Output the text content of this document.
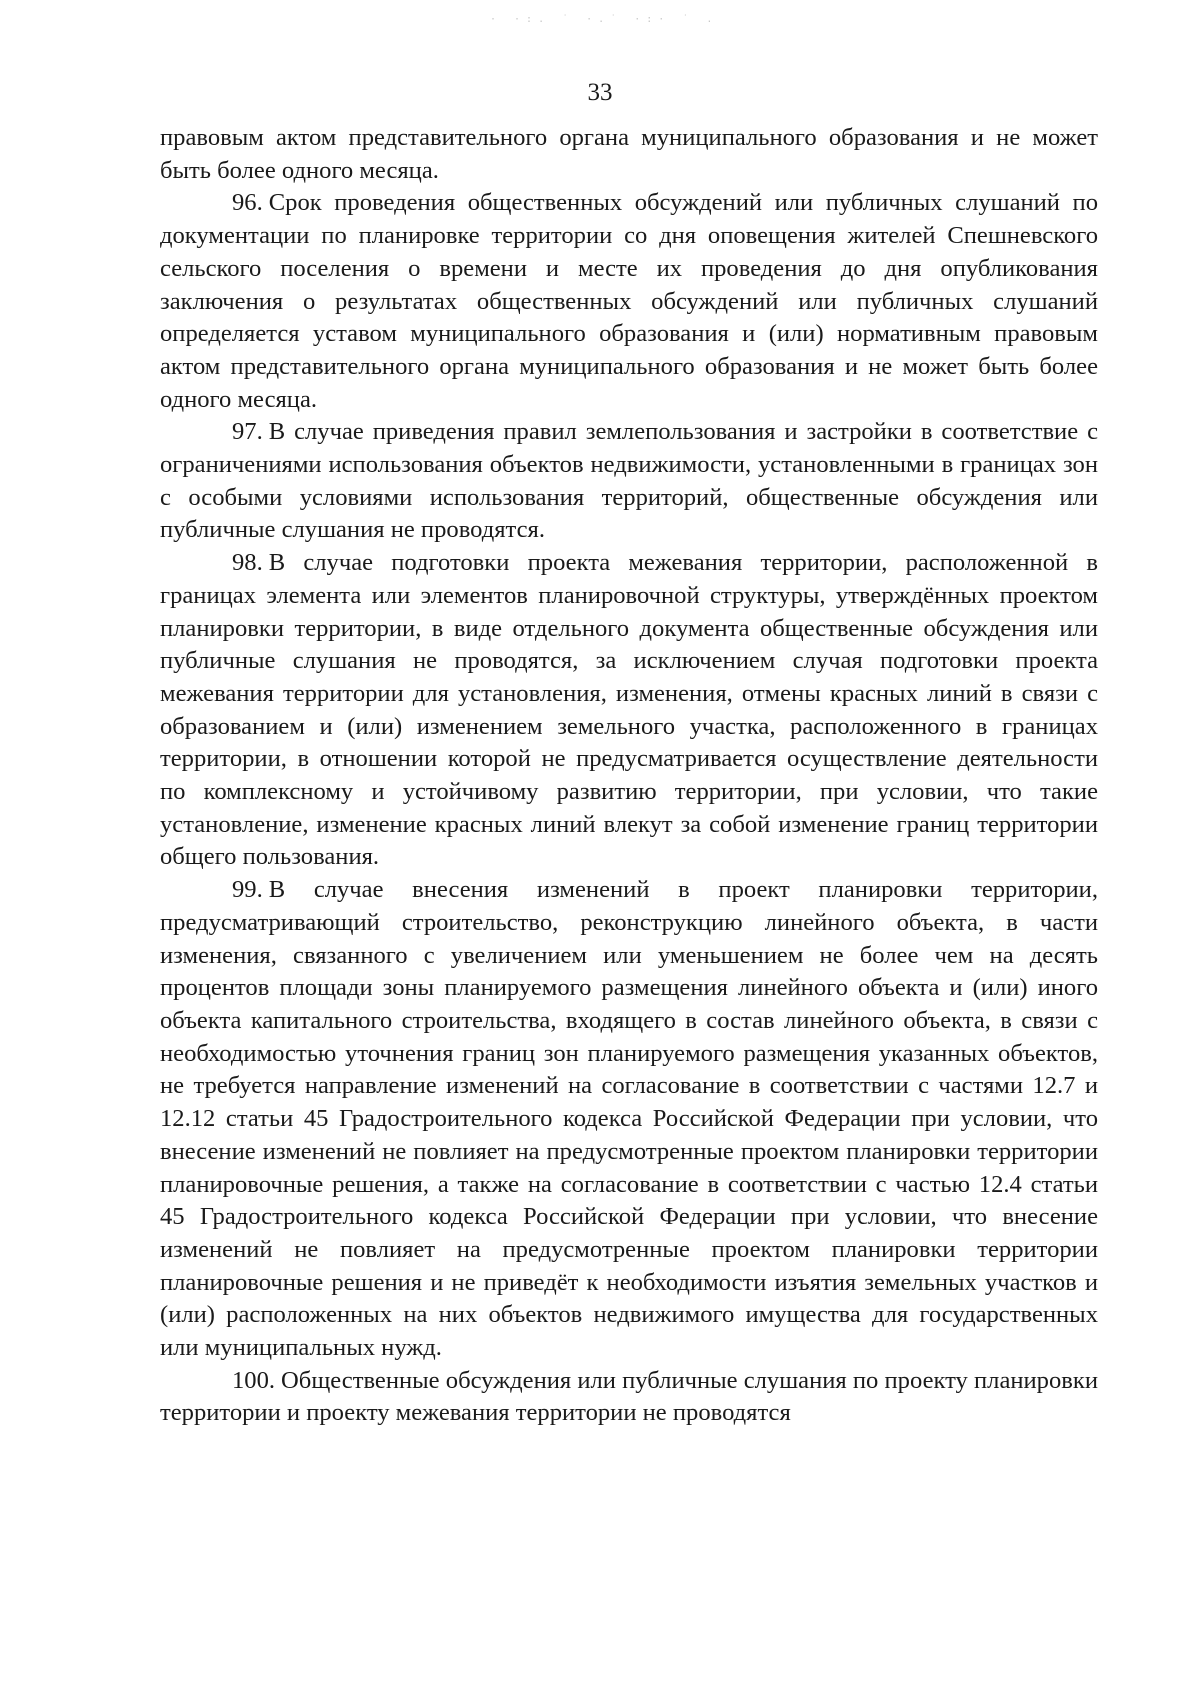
· ·:. ˙ ·.˙ ·:· ˙ .
33

правовым актом представительного органа муниципального образования и не может быть более одного месяца.

96. Срок проведения общественных обсуждений или публичных слушаний по документации по планировке территории со дня оповещения жителей Спешневского сельского поселения о времени и месте их проведения до дня опубликования заключения о результатах общественных обсуждений или публичных слушаний определяется уставом муниципального образования и (или) нормативным правовым актом представительного органа муниципального образования и не может быть более одного месяца.

97. В случае приведения правил землепользования и застройки в соответствие с ограничениями использования объектов недвижимости, установленными в границах зон с особыми условиями использования территорий, общественные обсуждения или публичные слушания не проводятся.

98. В случае подготовки проекта межевания территории, расположенной в границах элемента или элементов планировочной структуры, утверждённых проектом планировки территории, в виде отдельного документа общественные обсуждения или публичные слушания не проводятся, за исключением случая подготовки проекта межевания территории для установления, изменения, отмены красных линий в связи с образованием и (или) изменением земельного участка, расположенного в границах территории, в отношении которой не предусматривается осуществление деятельности по комплексному и устойчивому развитию территории, при условии, что такие установление, изменение красных линий влекут за собой изменение границ территории общего пользования.

99. В случае внесения изменений в проект планировки территории, предусматривающий строительство, реконструкцию линейного объекта, в части изменения, связанного с увеличением или уменьшением не более чем на десять процентов площади зоны планируемого размещения линейного объекта и (или) иного объекта капитального строительства, входящего в состав линейного объекта, в связи с необходимостью уточнения границ зон планируемого размещения указанных объектов, не требуется направление изменений на согласование в соответствии с частями 12.7 и 12.12 статьи 45 Градостроительного кодекса Российской Федерации при условии, что внесение изменений не повлияет на предусмотренные проектом планировки территории планировочные решения, а также на согласование в соответствии с частью 12.4 статьи 45 Градостроительного кодекса Российской Федерации при условии, что внесение изменений не повлияет на предусмотренные проектом планировки территории планировочные решения и не приведёт к необходимости изъятия земельных участков и (или) расположенных на них объектов недвижимого имущества для государственных или муниципальных нужд.

100. Общественные обсуждения или публичные слушания по проекту планировки территории и проекту межевания территории не проводятся
